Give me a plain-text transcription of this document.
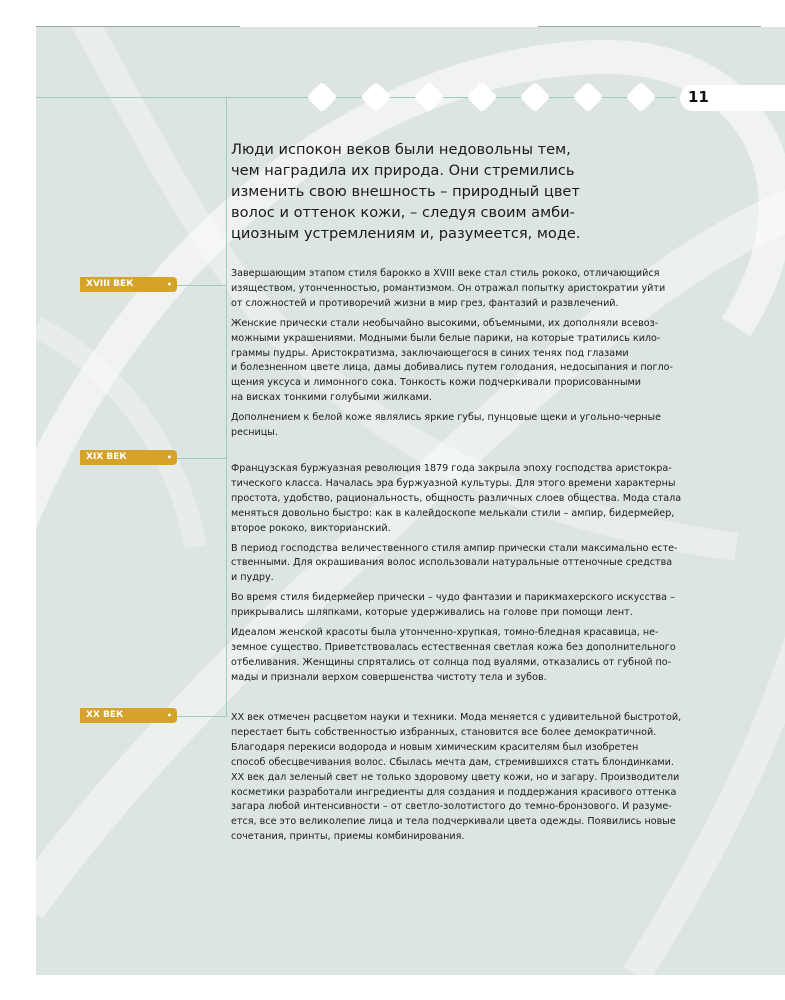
11
Люди испокон веков были недовольны тем,
чем наградила их природа. Они стремились
изменить свою внешность – природный цвет
волос и оттенок кожи, – следуя своим амби-
циозным устремлениям и, разумеется, моде.
XVIII ВЕК	•
XIX ВЕК	•
XX ВЕК	•

Завершающим этапом стиля барокко в XVIII веке стал стиль рококо, отличающийся
изяществом, утонченностью, романтизмом. Он отражал попытку аристократии уйти
от сложностей и противоречий жизни в мир грез, фантазий и развлечений.

Женские прически стали необычайно высокими, объемными, их дополняли всевоз-
можными украшениями. Модными были белые парики, на которые тратились кило-
граммы пудры. Аристократизма, заключающегося в синих тенях под глазами
и болезненном цвете лица, дамы добивались путем голодания, недосыпания и погло-
щения уксуса и лимонного сока. Тонкость кожи подчеркивали прорисованными
на висках тонкими голубыми жилками.

Дополнением к белой коже являлись яркие губы, пунцовые щеки и угольно-черные
ресницы.

Французская буржуазная революция 1879 года закрыла эпоху господства аристокра-
тического класса. Началась эра буржуазной культуры. Для этого времени характерны
простота, удобство, рациональность, общность различных слоев общества. Мода стала
меняться довольно быстро: как в калейдоскопе мелькали стили – ампир, бидермейер,
второе рококо, викторианский.

В период господства величественного стиля ампир прически стали максимально есте-
ственными. Для окрашивания волос использовали натуральные оттеночные средства
и пудру.

Во время стиля бидермейер прически – чудо фантазии и парикмахерского искусства –
прикрывались шляпками, которые удерживались на голове при помощи лент.

Идеалом женской красоты была утонченно-хрупкая, томно-бледная красавица, не-
земное существо. Приветствовалась естественная светлая кожа без дополнительного
отбеливания. Женщины спрятались от солнца под вуалями, отказались от губной по-
мады и признали верхом совершенства чистоту тела и зубов.

XX век отмечен расцветом науки и техники. Мода меняется с удивительной быстротой,
перестает быть собственностью избранных, становится все более демократичной.
Благодаря перекиси водорода и новым химическим красителям был изобретен
способ обесцвечивания волос. Сбылась мечта дам, стремившихся стать блондинками.
XX век дал зеленый свет не только здоровому цвету кожи, но и загару. Производители
косметики разработали ингредиенты для создания и поддержания красивого оттенка
загара любой интенсивности – от светло-золотистого до темно-бронзового. И разуме-
ется, все это великолепие лица и тела подчеркивали цвета одежды. Появились новые
сочетания, принты, приемы комбинирования.
